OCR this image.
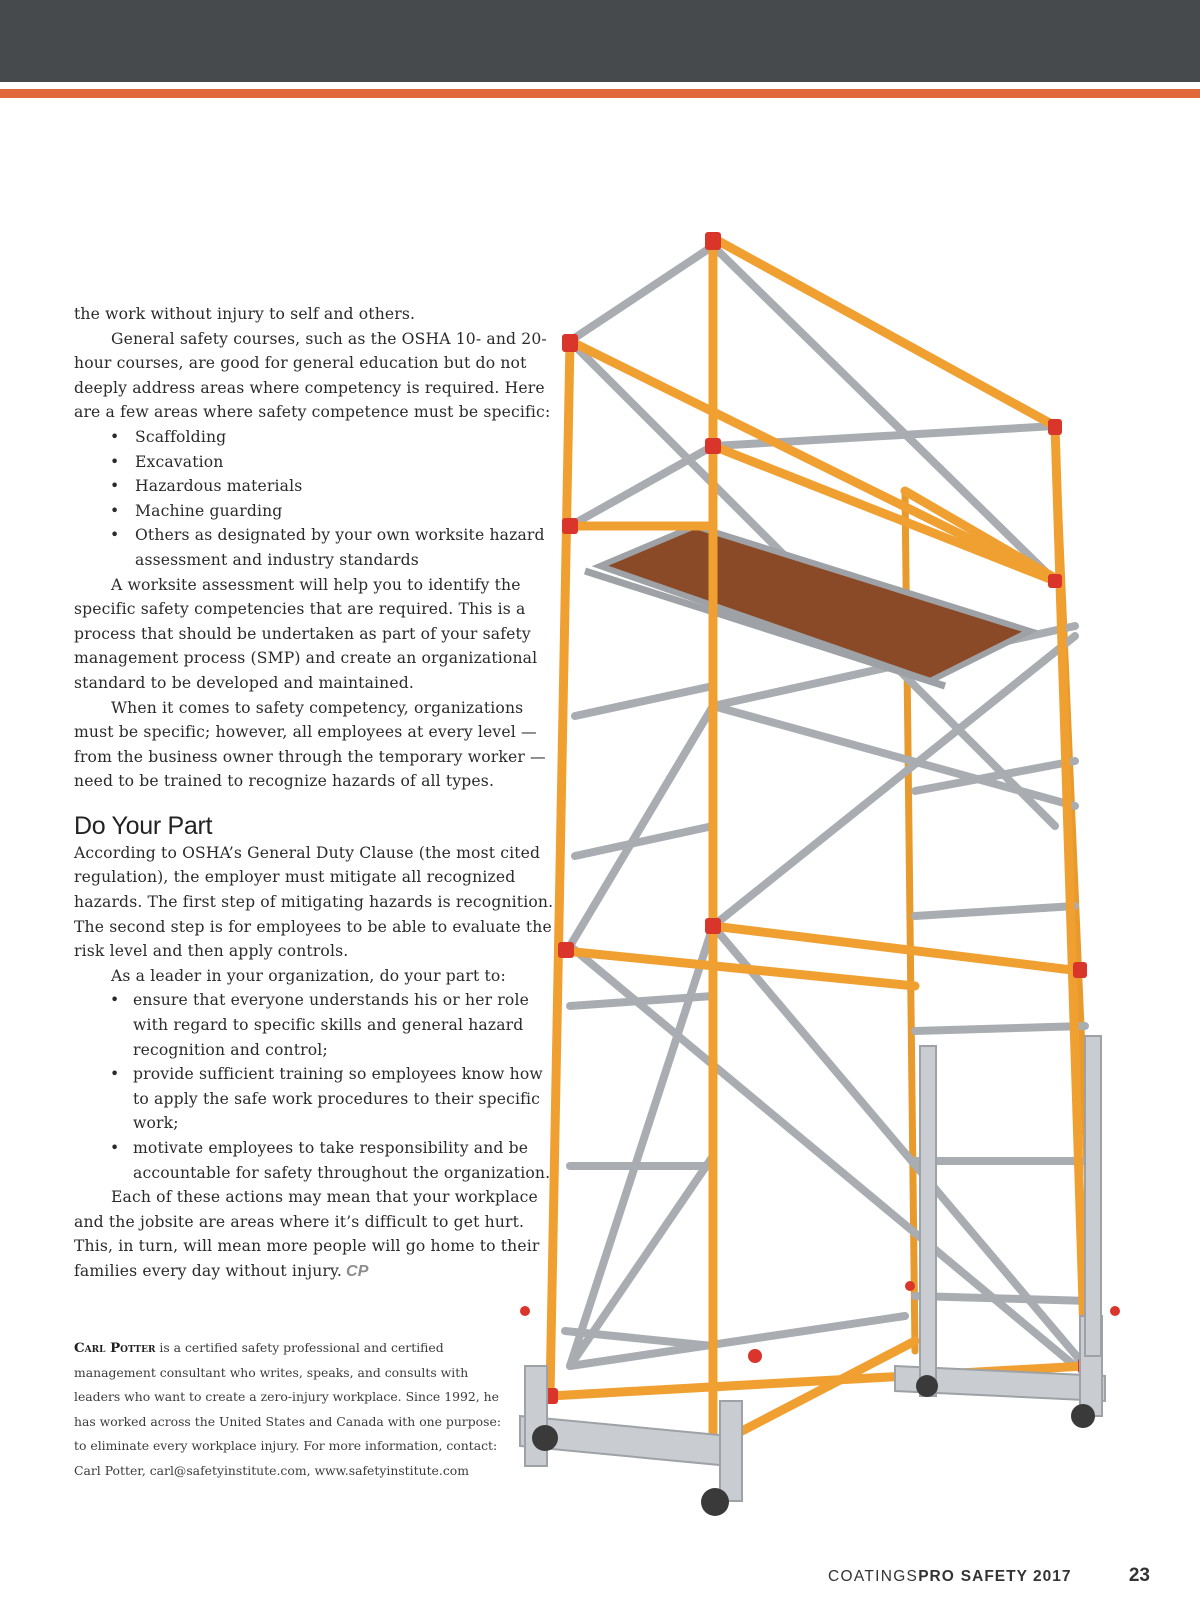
the work without injury to self and others.

General safety courses, such as the OSHA 10- and 20-hour courses, are good for general education but do not deeply address areas where competency is required. Here are a few areas where safety competence must be specific:

• Scaffolding
• Excavation
• Hazardous materials
• Machine guarding
• Others as designated by your own worksite hazard assessment and industry standards

A worksite assessment will help you to identify the specific safety competencies that are required. This is a process that should be undertaken as part of your safety management process (SMP) and create an organizational standard to be developed and maintained.

When it comes to safety competency, organizations must be specific; however, all employees at every level — from the business owner through the temporary worker — need to be trained to recognize hazards of all types.

Do Your Part

According to OSHA’s General Duty Clause (the most cited regulation), the employer must mitigate all recognized hazards. The first step of mitigating hazards is recognition. The second step is for employees to be able to evaluate the risk level and then apply controls.

As a leader in your organization, do your part to:

• ensure that everyone understands his or her role with regard to specific skills and general hazard recognition and control;
• provide sufficient training so employees know how to apply the safe work procedures to their specific work;
• motivate employees to take responsibility and be accountable for safety throughout the organization.

Each of these actions may mean that your workplace and the jobsite are areas where it’s difficult to get hurt. This, in turn, will mean more people will go home to their families every day without injury. CP

Carl Potter is a certified safety professional and certified management consultant who writes, speaks, and consults with leaders who want to create a zero-injury workplace. Since 1992, he has worked across the United States and Canada with one purpose: to eliminate every workplace injury. For more information, contact: Carl Potter, carl@safetyinstitute.com, www.safetyinstitute.com
COATINGSPRO SAFETY 2017	23
